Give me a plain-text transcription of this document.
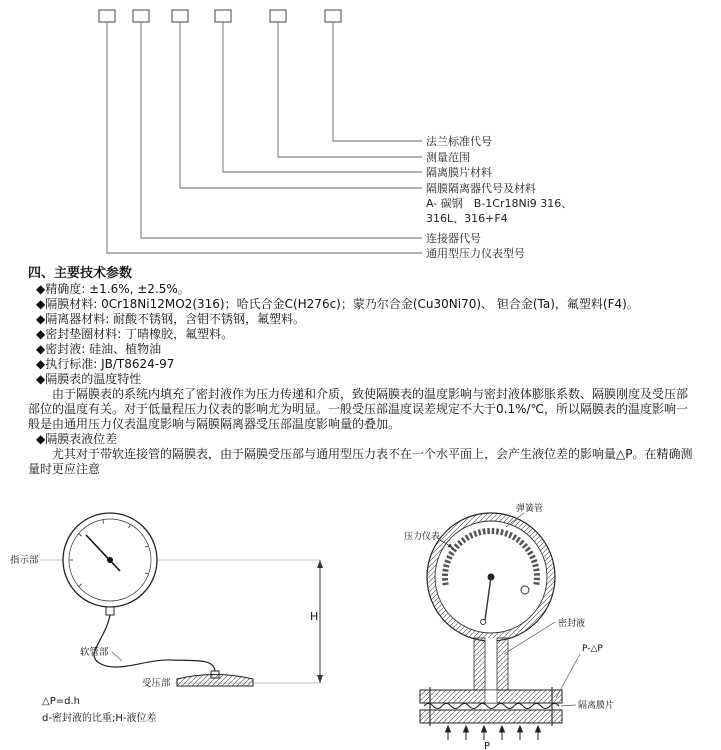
法兰标准代号
测量范围
隔离膜片材料
隔膜隔离器代号及材料
A- 碳钢　B-1Cr18Ni9 316、
316L、316+F4
连接器代号
通用型压力仪表型号
四、主要技术参数
◆精确度: ±1.6%, ±2.5%。
◆隔膜材料: 0Cr18Ni12MO2(316)；哈氏合金C(H276c)；蒙乃尔合金(Cu30Ni70)、 钽合金(Ta)，氟塑料(F4)。
◆隔离器材料: 耐酸不锈钢，含钼不锈钢，氟塑料。
◆密封垫圈材料: 丁晴橡胶，氟塑料。
◆密封液: 硅油、植物油
◆执行标准: JB/T8624-97
◆隔膜表的温度特性

由于隔膜表的系统内填充了密封液作为压力传递和介质，致使隔膜表的温度影响与密封液体膨胀系数、隔膜刚度及受压部部位的温度有关。对于低量程压力仪表的影响尤为明显。一般受压部温度误差规定不大于0.1%/℃，所以隔膜表的温度影响一般是由通用压力仪表温度影响与隔膜隔离器受压部温度影响量的叠加。

◆隔膜表液位差

尤其对于带软连接管的隔膜表，由于隔膜受压部与通用型压力表不在一个水平面上，会产生液位差的影响量△P。在精确测量时更应注意

指示部
软管部
受压部
H
△P=d.h
d-密封液的比重;H-液位差
弹簧管
压力仪表
密封液
P-△P
隔离膜片
P
